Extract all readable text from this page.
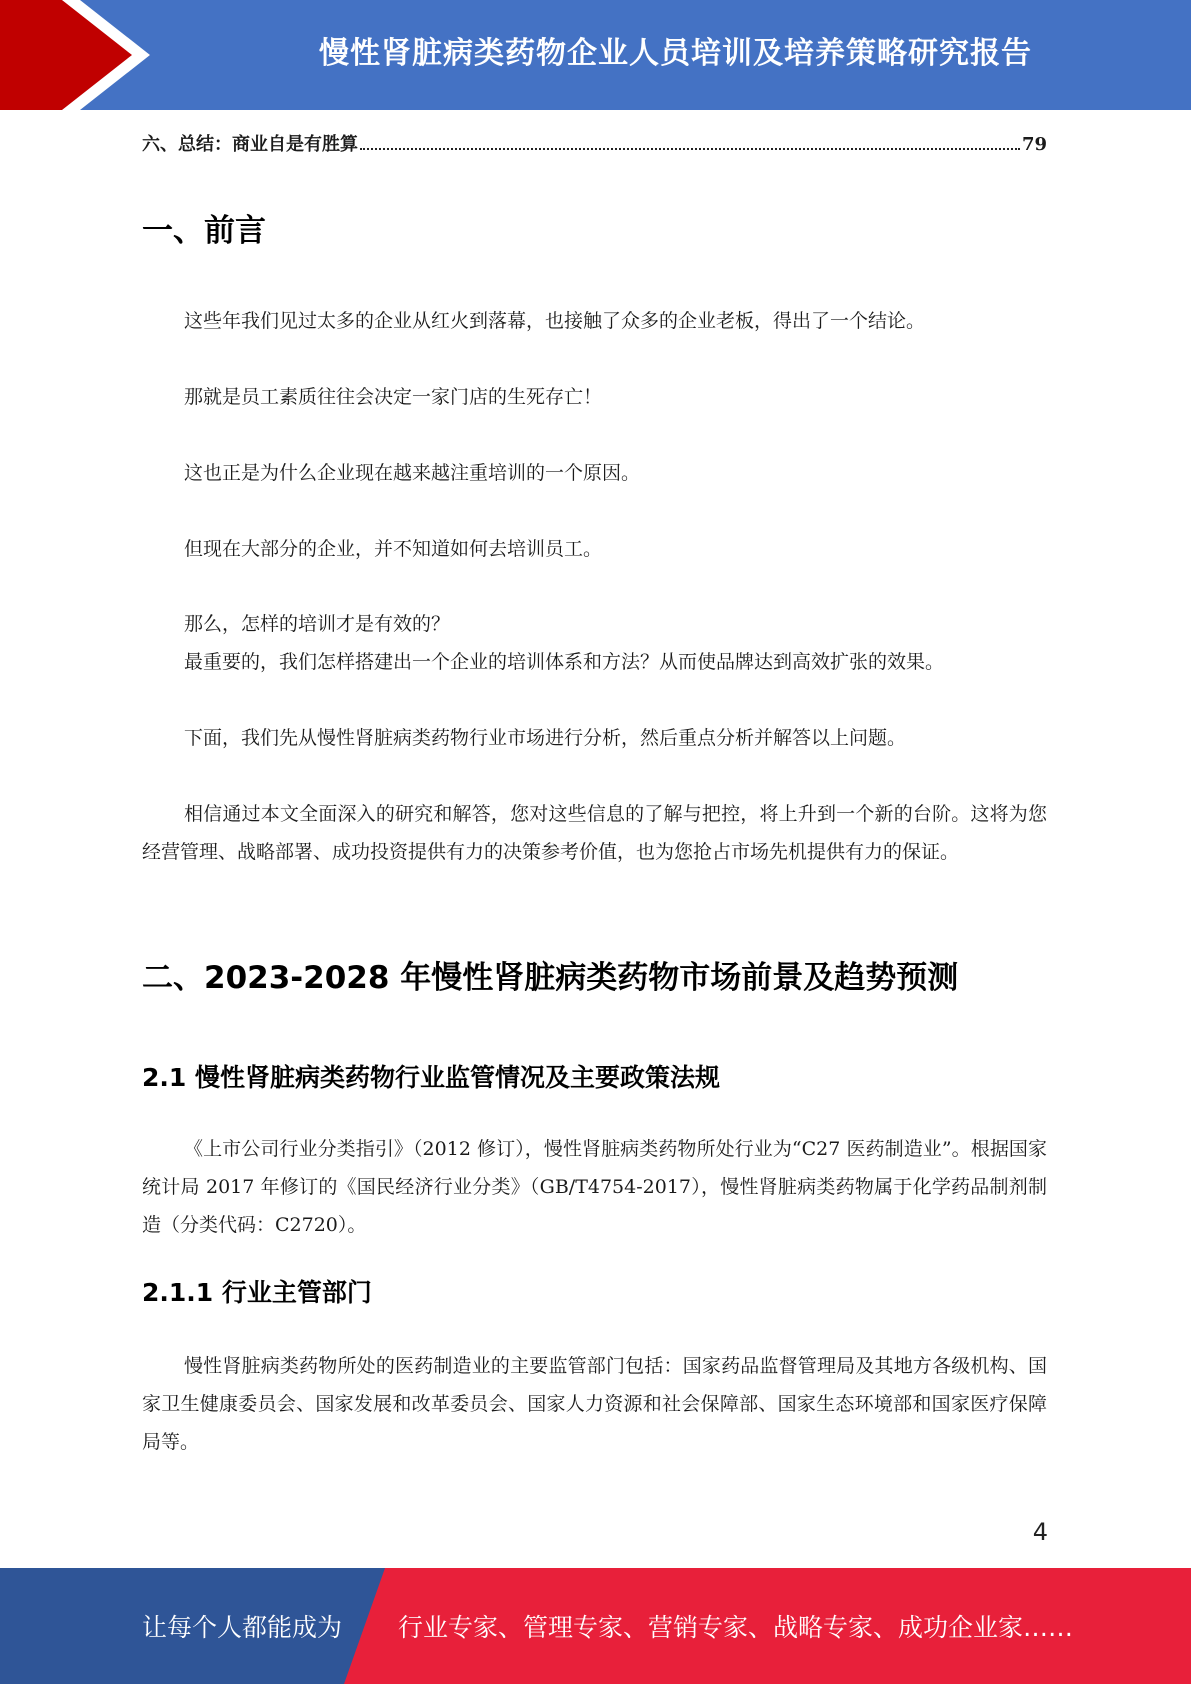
慢性肾脏病类药物企业人员培训及培养策略研究报告
六、总结：商业自是有胜算	79
一、前言

这些年我们见过太多的企业从红火到落幕，也接触了众多的企业老板，得出了一个结论。

那就是员工素质往往会决定一家门店的生死存亡！

这也正是为什么企业现在越来越注重培训的一个原因。

但现在大部分的企业，并不知道如何去培训员工。

那么，怎样的培训才是有效的？

最重要的，我们怎样搭建出一个企业的培训体系和方法？从而使品牌达到高效扩张的效果。

下面，我们先从慢性肾脏病类药物行业市场进行分析，然后重点分析并解答以上问题。

相信通过本文全面深入的研究和解答，您对这些信息的了解与把控，将上升到一个新的台阶。这将为您经营管理、战略部署、成功投资提供有力的决策参考价值，也为您抢占市场先机提供有力的保证。

二、2023-2028 年慢性肾脏病类药物市场前景及趋势预测
2.1 慢性肾脏病类药物行业监管情况及主要政策法规

《上市公司行业分类指引》（2012 修订），慢性肾脏病类药物所处行业为“C27 医药制造业”。根据国家统计局 2017 年修订的《国民经济行业分类》（GB/T4754-2017），慢性肾脏病类药物属于化学药品制剂制造（分类代码：C2720）。

2.1.1 行业主管部门

慢性肾脏病类药物所处的医药制造业的主要监管部门包括：国家药品监督管理局及其地方各级机构、国家卫生健康委员会、国家发展和改革委员会、国家人力资源和社会保障部、国家生态环境部和国家医疗保障局等。

4
让每个人都能成为 行业专家、管理专家、营销专家、战略专家、成功企业家……
